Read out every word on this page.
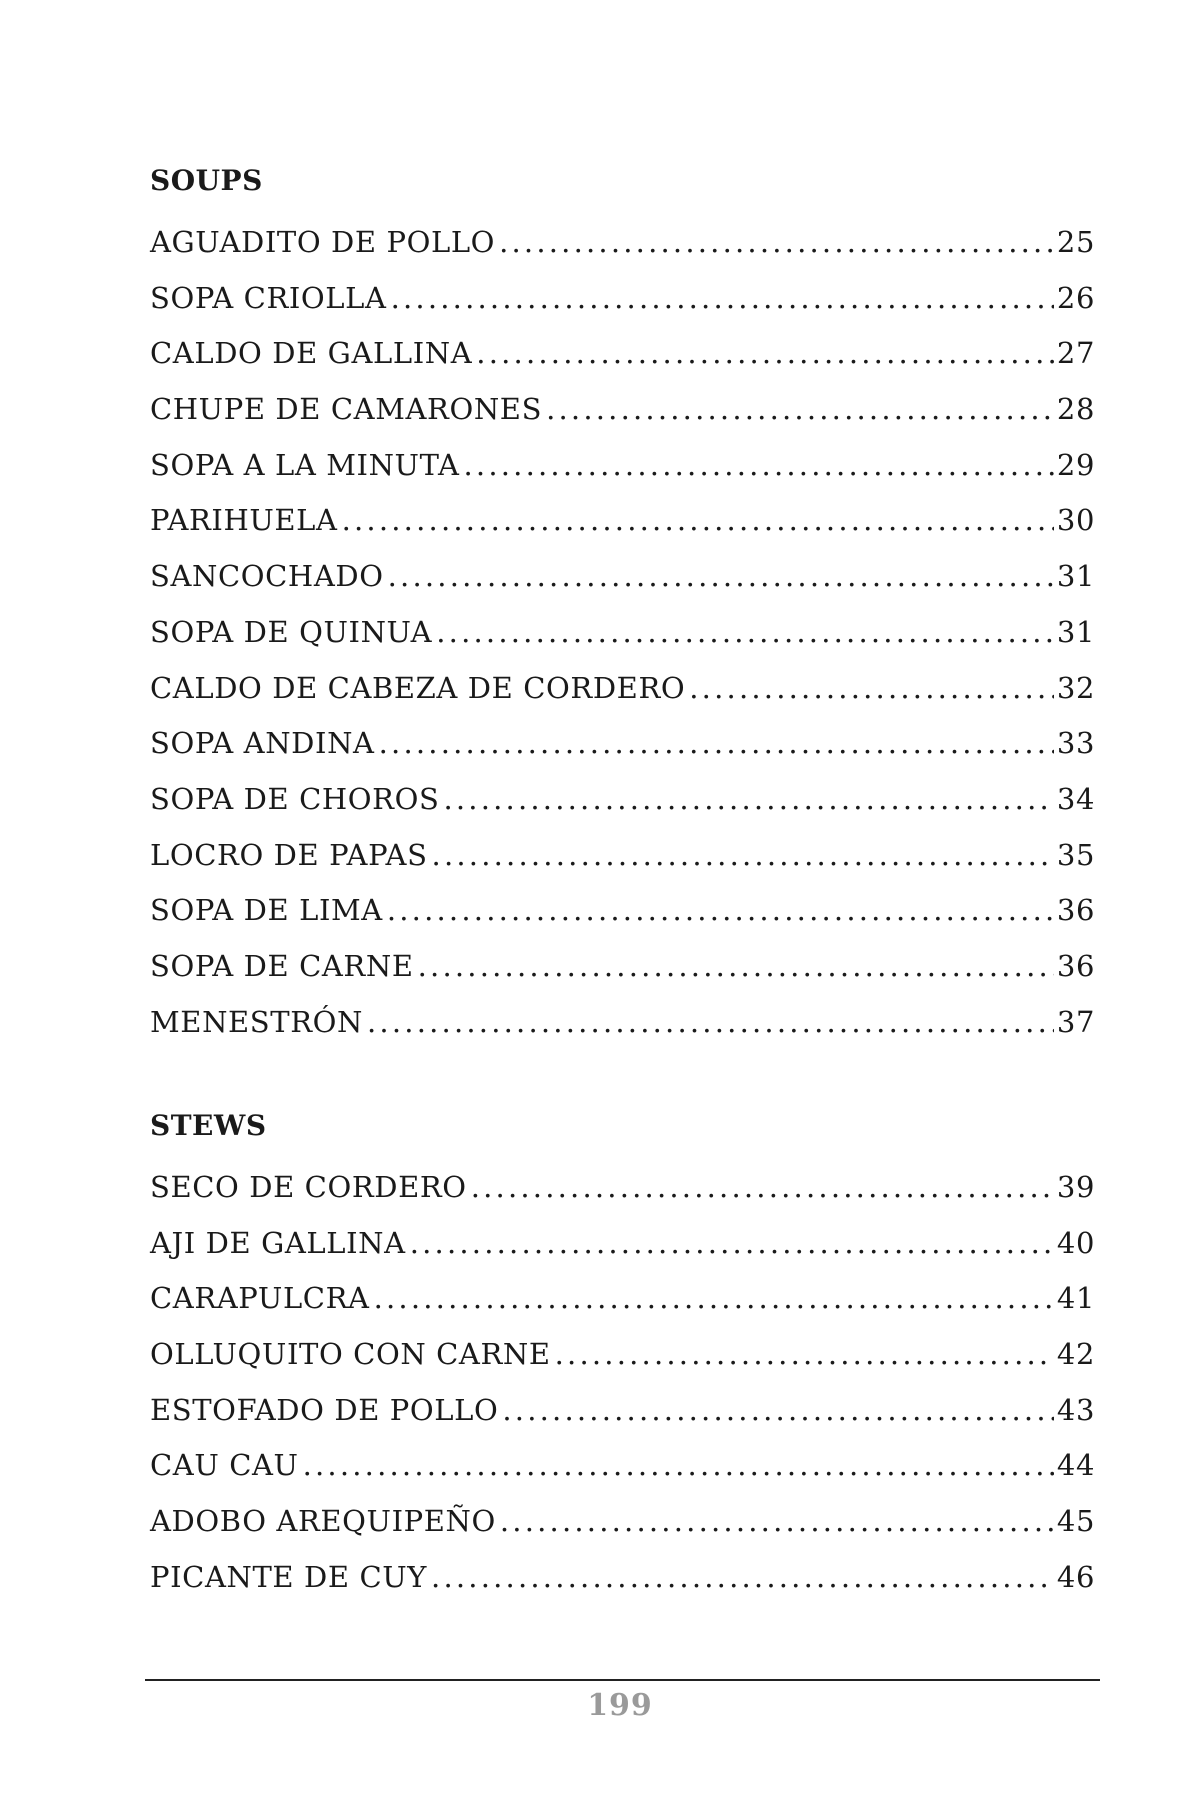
SOUPS
AGUADITO DE POLLO .....	25
SOPA CRIOLLA .....	26
CALDO DE GALLINA .....	27
CHUPE DE CAMARONES .....	28
SOPA A LA MINUTA .....	29
PARIHUELA .....	30
SANCOCHADO .....	31
SOPA DE QUINUA .....	31
CALDO DE CABEZA DE CORDERO .....	32
SOPA ANDINA .....	33
SOPA DE CHOROS .....	34
LOCRO DE PAPAS .....	35
SOPA DE LIMA .....	36
SOPA DE CARNE .....	36
MENESTRÓN .....	37
STEWS
SECO DE CORDERO .....	39
AJI DE GALLINA .....	40
CARAPULCRA .....	41
OLLUQUITO CON CARNE .....	42
ESTOFADO DE POLLO .....	43
CAU CAU .....	44
ADOBO AREQUIPEÑO .....	45
PICANTE DE CUY .....	46
199
